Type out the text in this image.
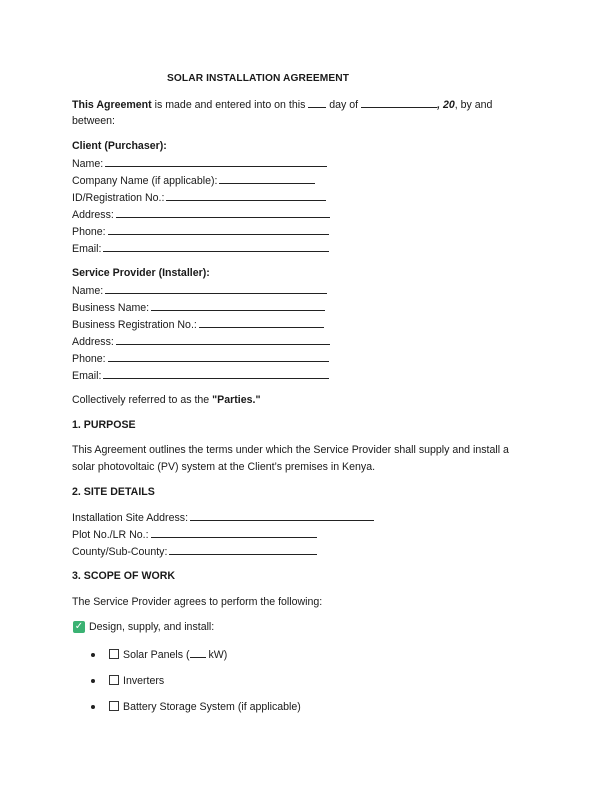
SOLAR INSTALLATION AGREEMENT
This Agreement is made and entered into on this  day of	, 20, by and
between:
Client (Purchaser):
Name:
Company Name (if applicable):
ID/Registration No.:
Address:
Phone:
Email:
Service Provider (Installer):
Name:
Business Name:
Business Registration No.:
Address:
Phone:
Email:
Collectively referred to as the "Parties."
1. PURPOSE
This Agreement outlines the terms under which the Service Provider shall supply and install a
solar photovoltaic (PV) system at the Client’s premises in Kenya.
2. SITE DETAILS
Installation Site Address:
Plot No./LR No.:
County/Sub-County:
3. SCOPE OF WORK
The Service Provider agrees to perform the following:
✓ Design, supply, and install:
Solar Panels ( kW)
Inverters
Battery Storage System (if applicable)
